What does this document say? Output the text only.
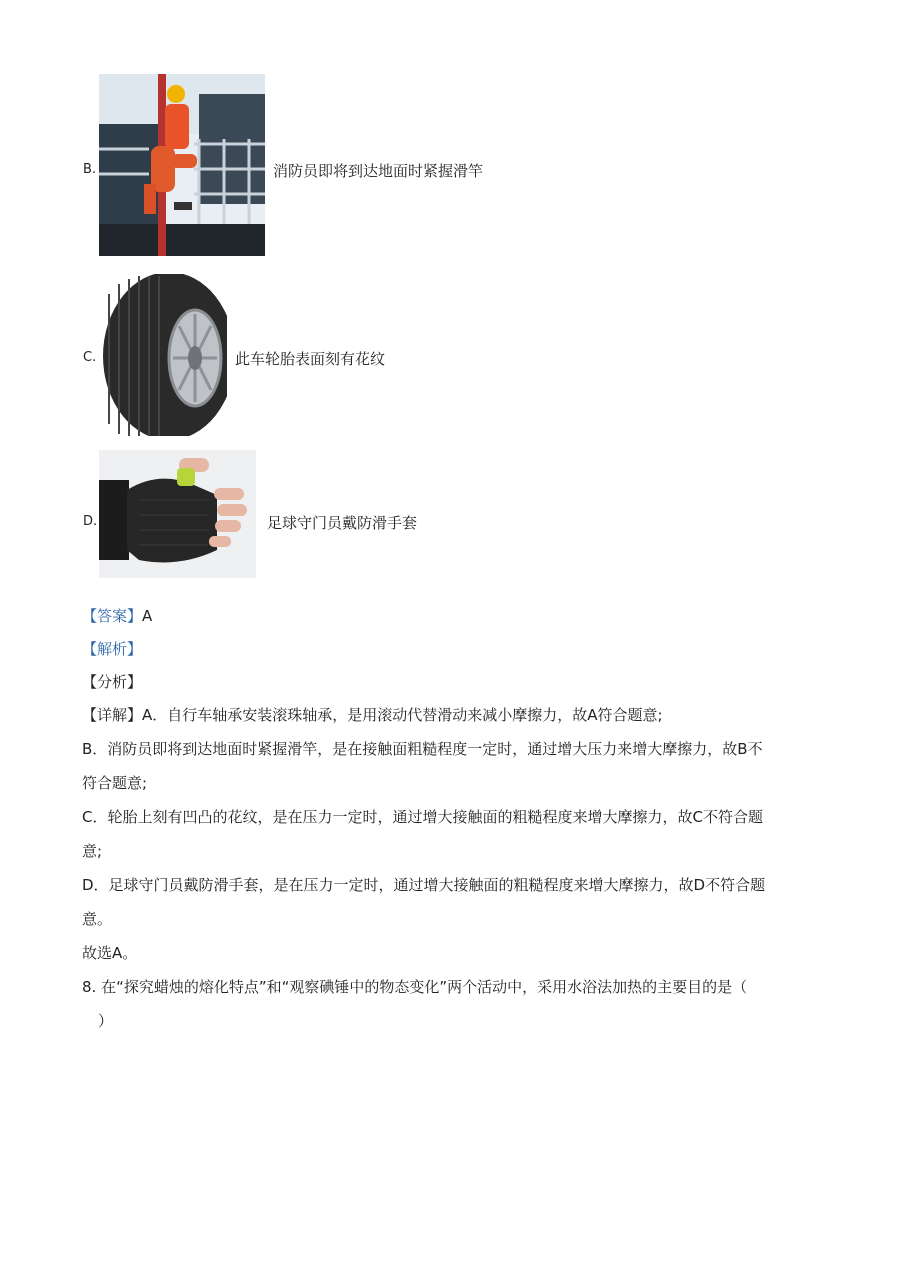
B.	消防员即将到达地面时紧握滑竿
C.	此车轮胎表面刻有花纹
D.	足球守门员戴防滑手套
【答案】A
【解析】
【分析】
【详解】A．自行车轴承安装滚珠轴承，是用滚动代替滑动来减小摩擦力，故A符合题意;
B．消防员即将到达地面时紧握滑竿，是在接触面粗糙程度一定时，通过增大压力来增大摩擦力，故B不
符合题意;
C．轮胎上刻有凹凸的花纹，是在压力一定时，通过增大接触面的粗糙程度来增大摩擦力，故C不符合题
意;
D．足球守门员戴防滑手套，是在压力一定时，通过增大接触面的粗糙程度来增大摩擦力，故D不符合题
意。
故选A。
8. 在“探究蜡烛的熔化特点”和“观察碘锤中的物态变化”两个活动中，采用水浴法加热的主要目的是（
）
